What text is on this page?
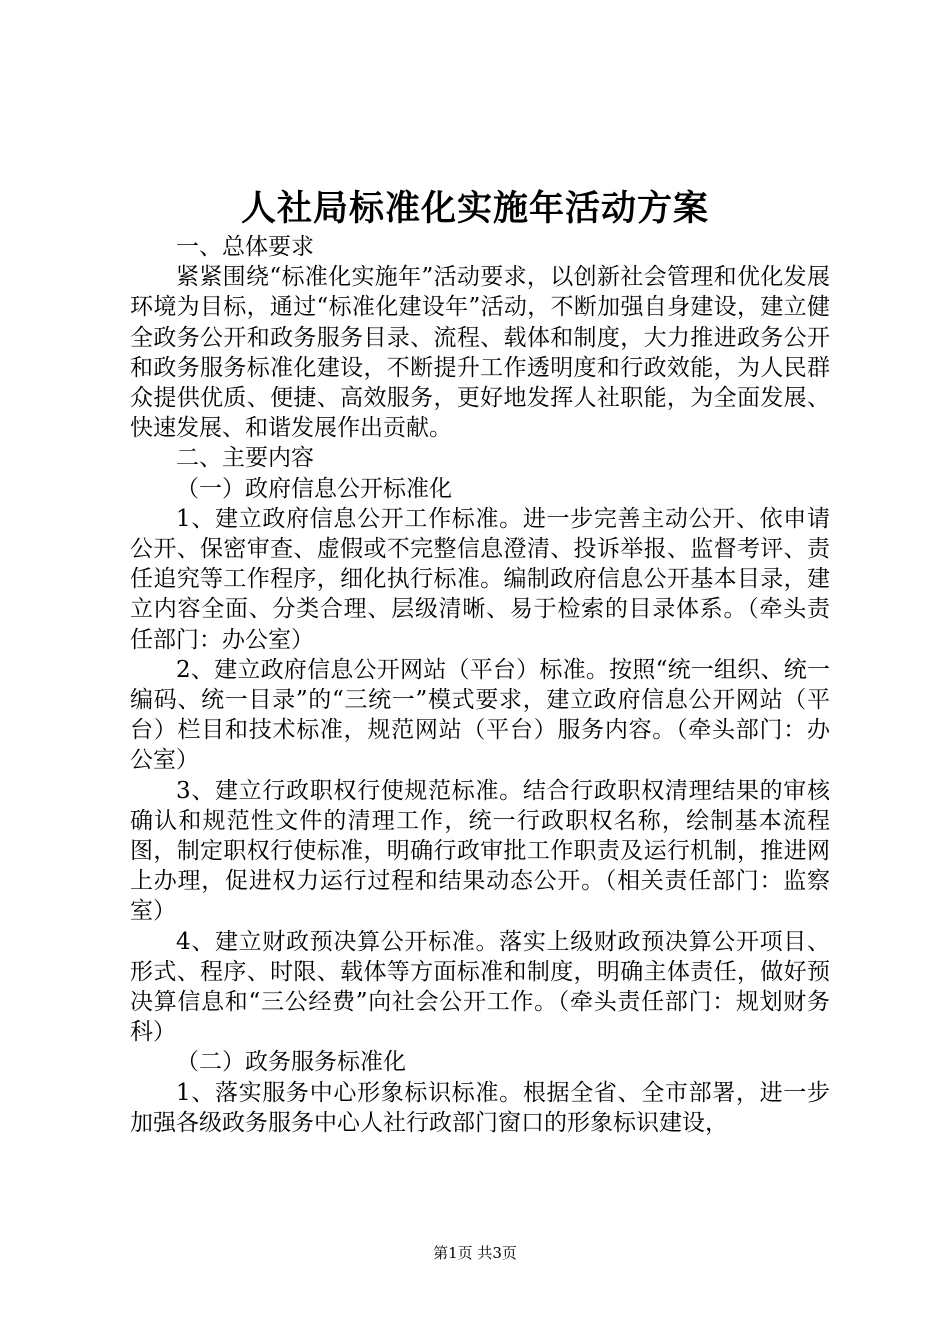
人社局标准化实施年活动方案

一、总体要求

紧紧围绕“标准化实施年”活动要求，以创新社会管理和优化发展环境为目标，通过“标准化建设年”活动，不断加强自身建设，建立健全政务公开和政务服务目录、流程、载体和制度，大力推进政务公开和政务服务标准化建设，不断提升工作透明度和行政效能，为人民群众提供优质、便捷、高效服务，更好地发挥人社职能，为全面发展、快速发展、和谐发展作出贡献。

二、主要内容

（一）政府信息公开标准化

1、建立政府信息公开工作标准。进一步完善主动公开、依申请公开、保密审查、虚假或不完整信息澄清、投诉举报、监督考评、责任追究等工作程序，细化执行标准。编制政府信息公开基本目录，建立内容全面、分类合理、层级清晰、易于检索的目录体系。（牵头责任部门：办公室）

2、建立政府信息公开网站（平台）标准。按照“统一组织、统一编码、统一目录”的“三统一”模式要求，建立政府信息公开网站（平台）栏目和技术标准，规范网站（平台）服务内容。（牵头部门：办公室）

3、建立行政职权行使规范标准。结合行政职权清理结果的审核确认和规范性文件的清理工作，统一行政职权名称，绘制基本流程图，制定职权行使标准，明确行政审批工作职责及运行机制，推进网上办理，促进权力运行过程和结果动态公开。（相关责任部门：监察室）

4、建立财政预决算公开标准。落实上级财政预决算公开项目、形式、程序、时限、载体等方面标准和制度，明确主体责任，做好预决算信息和“三公经费”向社会公开工作。（牵头责任部门：规划财务科）

（二）政务服务标准化

1、落实服务中心形象标识标准。根据全省、全市部署，进一步加强各级政务服务中心人社行政部门窗口的形象标识建设，

第1页 共3页
